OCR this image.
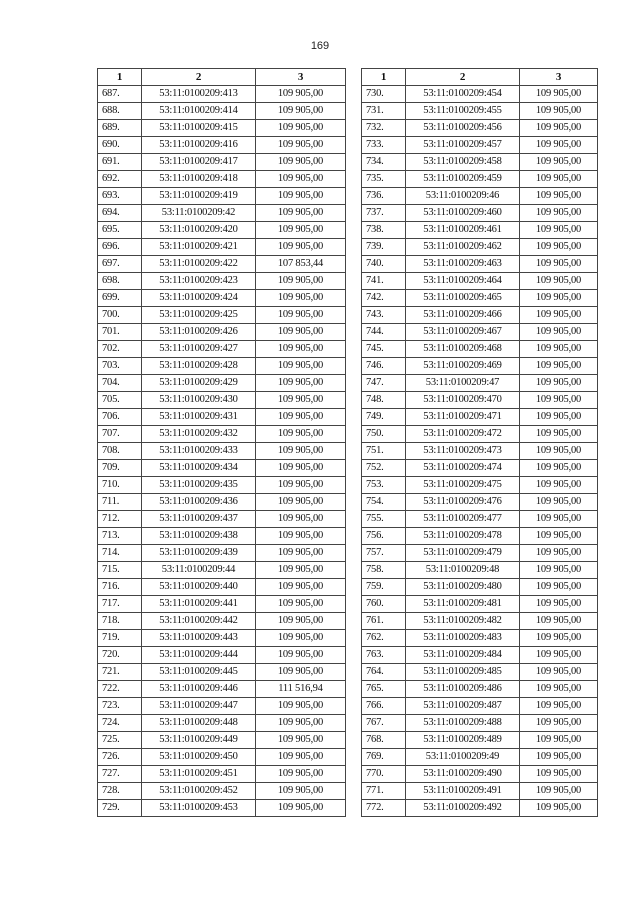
169
1	2	3
687.	53:11:0100209:413	109 905,00
688.	53:11:0100209:414	109 905,00
689.	53:11:0100209:415	109 905,00
690.	53:11:0100209:416	109 905,00
691.	53:11:0100209:417	109 905,00
692.	53:11:0100209:418	109 905,00
693.	53:11:0100209:419	109 905,00
694.	53:11:0100209:42	109 905,00
695.	53:11:0100209:420	109 905,00
696.	53:11:0100209:421	109 905,00
697.	53:11:0100209:422	107 853,44
698.	53:11:0100209:423	109 905,00
699.	53:11:0100209:424	109 905,00
700.	53:11:0100209:425	109 905,00
701.	53:11:0100209:426	109 905,00
702.	53:11:0100209:427	109 905,00
703.	53:11:0100209:428	109 905,00
704.	53:11:0100209:429	109 905,00
705.	53:11:0100209:430	109 905,00
706.	53:11:0100209:431	109 905,00
707.	53:11:0100209:432	109 905,00
708.	53:11:0100209:433	109 905,00
709.	53:11:0100209:434	109 905,00
710.	53:11:0100209:435	109 905,00
711.	53:11:0100209:436	109 905,00
712.	53:11:0100209:437	109 905,00
713.	53:11:0100209:438	109 905,00
714.	53:11:0100209:439	109 905,00
715.	53:11:0100209:44	109 905,00
716.	53:11:0100209:440	109 905,00
717.	53:11:0100209:441	109 905,00
718.	53:11:0100209:442	109 905,00
719.	53:11:0100209:443	109 905,00
720.	53:11:0100209:444	109 905,00
721.	53:11:0100209:445	109 905,00
722.	53:11:0100209:446	111 516,94
723.	53:11:0100209:447	109 905,00
724.	53:11:0100209:448	109 905,00
725.	53:11:0100209:449	109 905,00
726.	53:11:0100209:450	109 905,00
727.	53:11:0100209:451	109 905,00
728.	53:11:0100209:452	109 905,00
729.	53:11:0100209:453	109 905,00
1	2	3
730.	53:11:0100209:454	109 905,00
731.	53:11:0100209:455	109 905,00
732.	53:11:0100209:456	109 905,00
733.	53:11:0100209:457	109 905,00
734.	53:11:0100209:458	109 905,00
735.	53:11:0100209:459	109 905,00
736.	53:11:0100209:46	109 905,00
737.	53:11:0100209:460	109 905,00
738.	53:11:0100209:461	109 905,00
739.	53:11:0100209:462	109 905,00
740.	53:11:0100209:463	109 905,00
741.	53:11:0100209:464	109 905,00
742.	53:11:0100209:465	109 905,00
743.	53:11:0100209:466	109 905,00
744.	53:11:0100209:467	109 905,00
745.	53:11:0100209:468	109 905,00
746.	53:11:0100209:469	109 905,00
747.	53:11:0100209:47	109 905,00
748.	53:11:0100209:470	109 905,00
749.	53:11:0100209:471	109 905,00
750.	53:11:0100209:472	109 905,00
751.	53:11:0100209:473	109 905,00
752.	53:11:0100209:474	109 905,00
753.	53:11:0100209:475	109 905,00
754.	53:11:0100209:476	109 905,00
755.	53:11:0100209:477	109 905,00
756.	53:11:0100209:478	109 905,00
757.	53:11:0100209:479	109 905,00
758.	53:11:0100209:48	109 905,00
759.	53:11:0100209:480	109 905,00
760.	53:11:0100209:481	109 905,00
761.	53:11:0100209:482	109 905,00
762.	53:11:0100209:483	109 905,00
763.	53:11:0100209:484	109 905,00
764.	53:11:0100209:485	109 905,00
765.	53:11:0100209:486	109 905,00
766.	53:11:0100209:487	109 905,00
767.	53:11:0100209:488	109 905,00
768.	53:11:0100209:489	109 905,00
769.	53:11:0100209:49	109 905,00
770.	53:11:0100209:490	109 905,00
771.	53:11:0100209:491	109 905,00
772.	53:11:0100209:492	109 905,00
